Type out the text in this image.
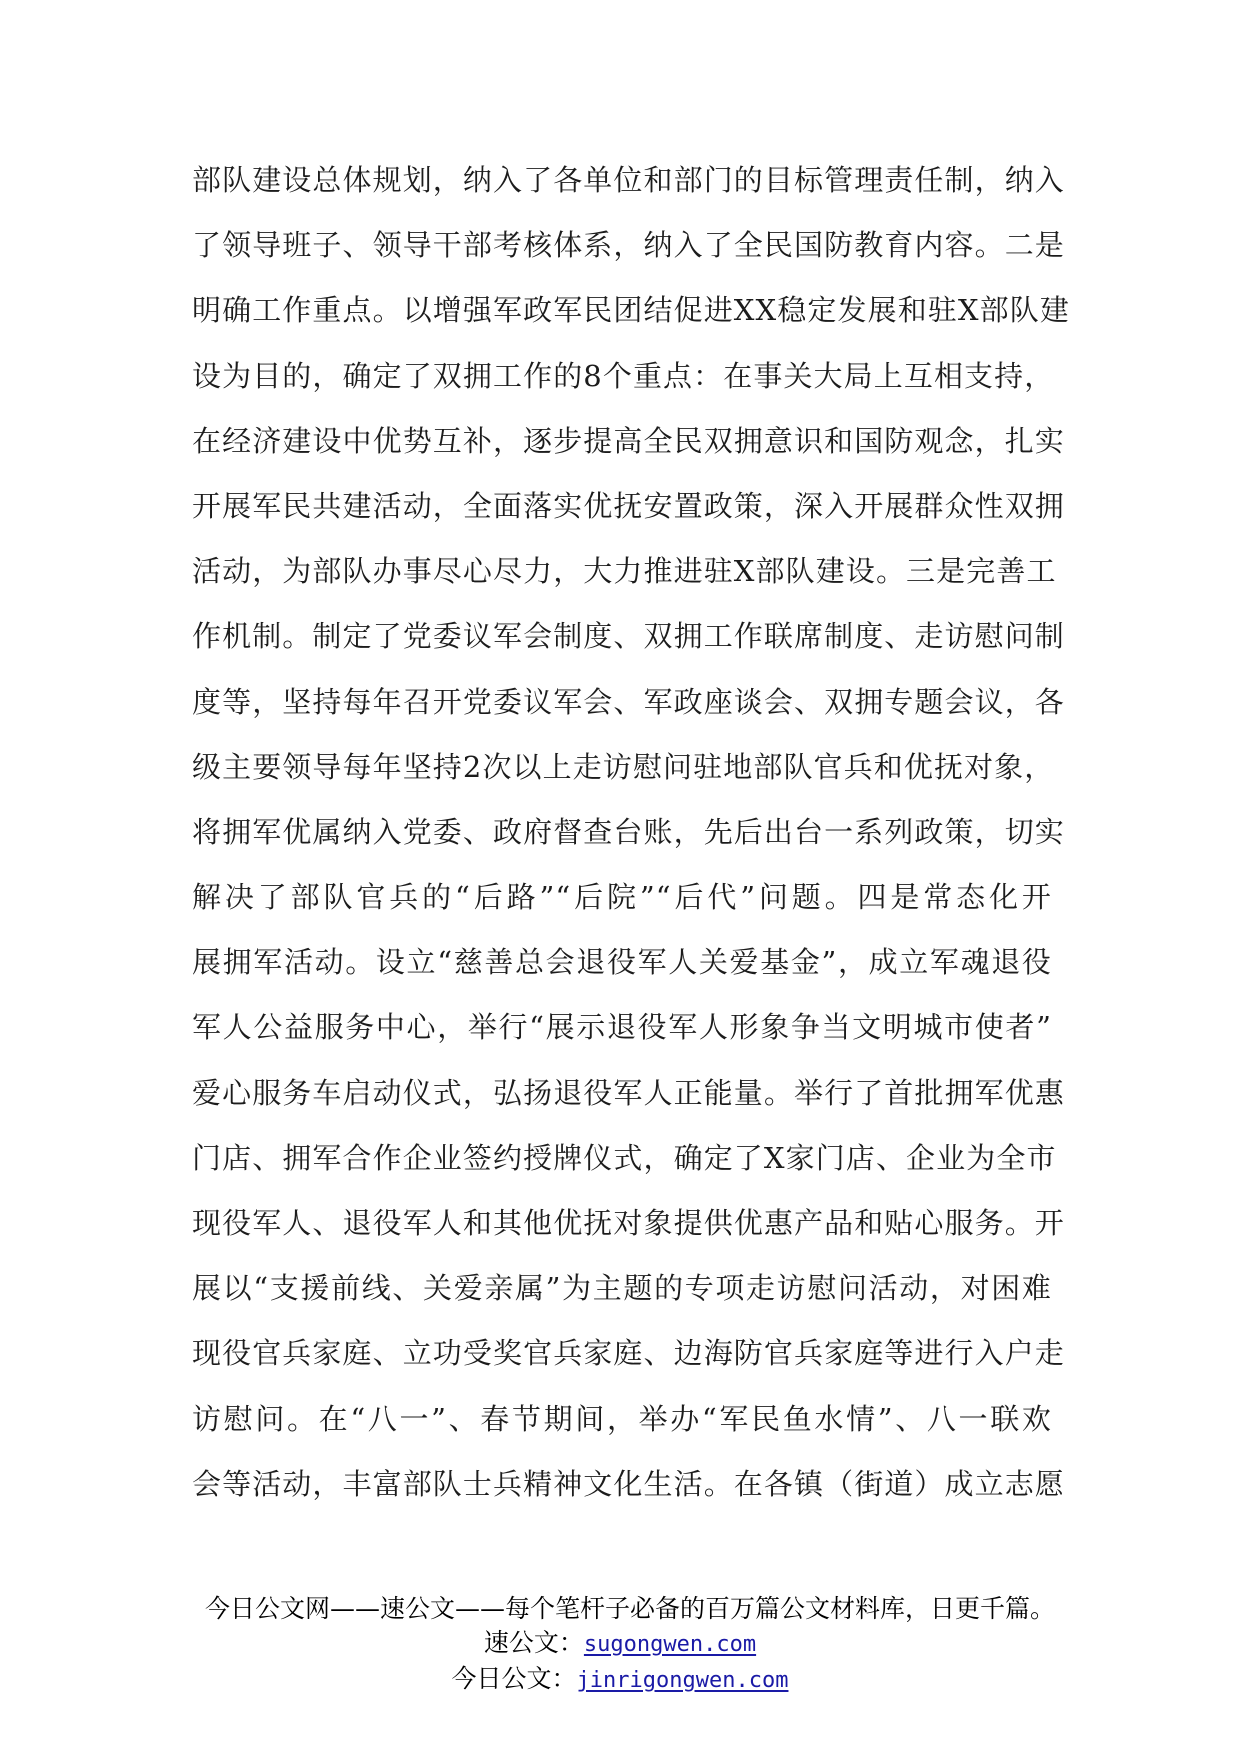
部队建设总体规划，纳入了各单位和部门的目标管理责任制，纳入
了领导班子、领导干部考核体系，纳入了全民国防教育内容。二是
明确工作重点。以增强军政军民团结促进XX稳定发展和驻X部队建
设为目的，确定了双拥工作的8个重点：在事关大局上互相支持，
在经济建设中优势互补，逐步提高全民双拥意识和国防观念，扎实
开展军民共建活动，全面落实优抚安置政策，深入开展群众性双拥
活动，为部队办事尽心尽力，大力推进驻X部队建设。三是完善工
作机制。制定了党委议军会制度、双拥工作联席制度、走访慰问制
度等，坚持每年召开党委议军会、军政座谈会、双拥专题会议，各
级主要领导每年坚持2次以上走访慰问驻地部队官兵和优抚对象，
将拥军优属纳入党委、政府督查台账，先后出台一系列政策，切实
解决了部队官兵的“后路”“后院”“后代”问题。四是常态化开
展拥军活动。设立“慈善总会退役军人关爱基金”，成立军魂退役
军人公益服务中心，举行“展示退役军人形象争当文明城市使者”
爱心服务车启动仪式，弘扬退役军人正能量。举行了首批拥军优惠
门店、拥军合作企业签约授牌仪式，确定了X家门店、企业为全市
现役军人、退役军人和其他优抚对象提供优惠产品和贴心服务。开
展以“支援前线、关爱亲属”为主题的专项走访慰问活动，对困难
现役官兵家庭、立功受奖官兵家庭、边海防官兵家庭等进行入户走
访慰问。在“八一”、春节期间，举办“军民鱼水情”、八一联欢
会等活动，丰富部队士兵精神文化生活。在各镇（街道）成立志愿
今日公文网——速公文——每个笔杆子必备的百万篇公文材料库，日更千篇。
速公文：sugongwen.com
今日公文：jinrigongwen.com
